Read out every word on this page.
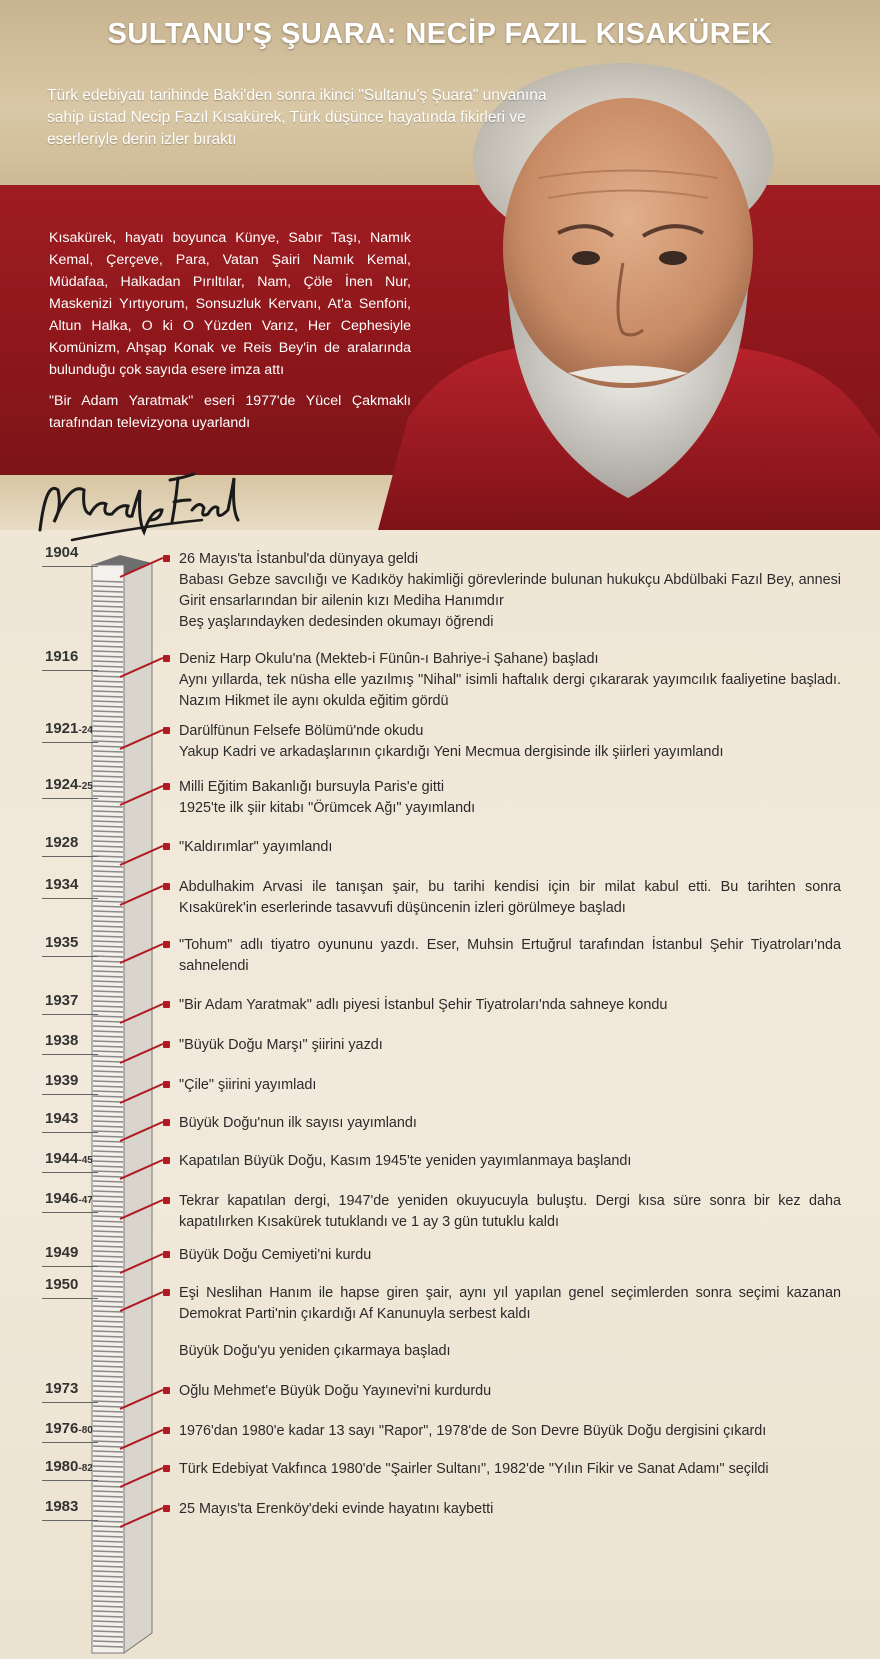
SULTANU'Ş ŞUARA: NECİP FAZIL KISAKÜREK
Türk edebiyatı tarihinde Baki'den sonra ikinci "Sultanu'ş Şuara" unvanına sahip üstad Necip Fazıl Kısakürek, Türk düşünce hayatında fikirleri ve eserleriyle derin izler bıraktı
Kısakürek, hayatı boyunca Künye, Sabır Taşı, Namık Kemal, Çerçeve, Para, Vatan Şairi Namık Kemal, Müdafaa, Halkadan Pırıltılar, Nam, Çöle İnen Nur, Maskenizi Yırtıyorum, Sonsuzluk Kervanı, At'a Senfoni, Altun Halka, O ki O Yüzden Varız, Her Cephesiyle Komünizm, Ahşap Konak ve Reis Bey'in de aralarında bulunduğu çok sayıda esere imza attı
"Bir Adam Yaratmak" eseri 1977'de Yücel Çakmaklı tarafından televizyona uyarlandı
1904	26 Mayıs'ta İstanbul'da dünyaya geldi

Babası Gebze savcılığı ve Kadıköy hakimliği görevlerinde bulunan hukukçu Abdülbaki Fazıl Bey, annesi Girit ensarlarından bir ailenin kızı Mediha Hanımdır

Beş yaşlarındayken dedesinden okumayı öğrendi

1916	Deniz Harp Okulu'na (Mekteb-i Fünûn-ı Bahriye-i Şahane) başladı

Aynı yıllarda, tek nüsha elle yazılmış "Nihal" isimli haftalık dergi çıkararak yayımcılık faaliyetine başladı. Nazım Hikmet ile aynı okulda eğitim gördü

1921-24	Darülfünun Felsefe Bölümü'nde okudu

Yakup Kadri ve arkadaşlarının çıkardığı Yeni Mecmua dergisinde ilk şiirleri yayımlandı

1924-25	Milli Eğitim Bakanlığı bursuyla Paris'e gitti

1925'te ilk şiir kitabı "Örümcek Ağı" yayımlandı

1928	"Kaldırımlar" yayımlandı

1934	Abdulhakim Arvasi ile tanışan şair, bu tarihi kendisi için bir milat kabul etti. Bu tarihten sonra Kısakürek'in eserlerinde tasavvufi düşüncenin izleri görülmeye başladı

1935	"Tohum" adlı tiyatro oyununu yazdı. Eser, Muhsin Ertuğrul tarafından İstanbul Şehir Tiyatroları'nda sahnelendi

1937	"Bir Adam Yaratmak" adlı piyesi İstanbul Şehir Tiyatroları'nda sahneye kondu

1938	"Büyük Doğu Marşı" şiirini yazdı

1939	"Çile" şiirini yayımladı

1943	Büyük Doğu'nun ilk sayısı yayımlandı

1944-45	Kapatılan Büyük Doğu, Kasım 1945'te yeniden yayımlanmaya başlandı

1946-47	Tekrar kapatılan dergi, 1947'de yeniden okuyucuyla buluştu. Dergi kısa süre sonra bir kez daha kapatılırken Kısakürek tutuklandı ve 1 ay 3 gün tutuklu kaldı

1949	Büyük Doğu Cemiyeti'ni kurdu

1950	Eşi Neslihan Hanım ile hapse giren şair, aynı yıl yapılan genel seçimlerden sonra seçimi kazanan Demokrat Parti'nin çıkardığı Af Kanunuyla serbest kaldı

Büyük Doğu'yu yeniden çıkarmaya başladı

1973	Oğlu Mehmet'e Büyük Doğu Yayınevi'ni kurdurdu

1976-80	1976'dan 1980'e kadar 13 sayı "Rapor", 1978'de de Son Devre Büyük Doğu dergisini çıkardı

1980-82	Türk Edebiyat Vakfınca 1980'de "Şairler Sultanı", 1982'de "Yılın Fikir ve Sanat Adamı" seçildi

1983	25 Mayıs'ta Erenköy'deki evinde hayatını kaybetti
